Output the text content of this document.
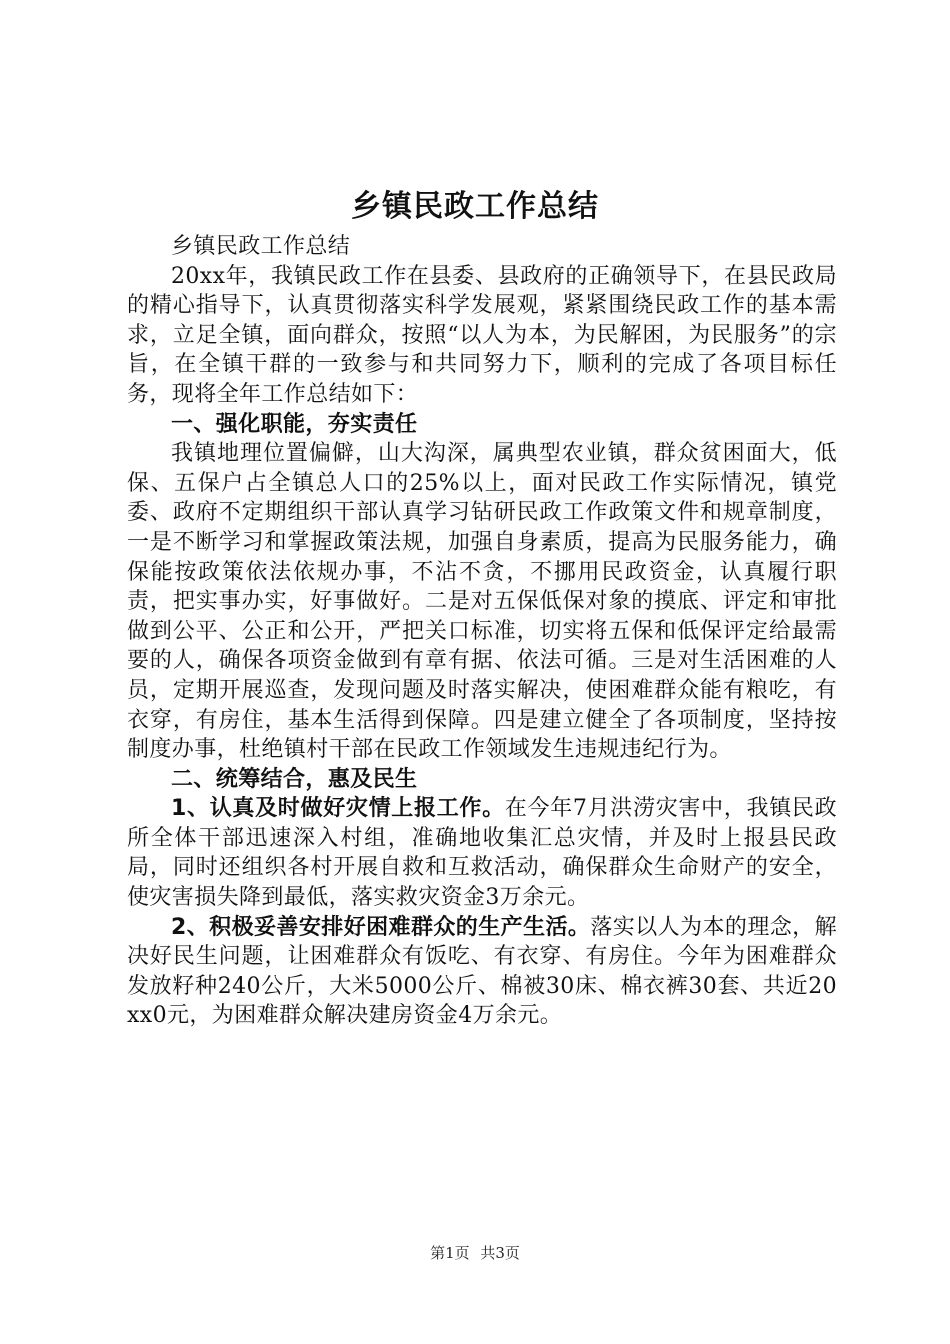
乡镇民政工作总结

乡镇民政工作总结

20xx年，我镇民政工作在县委、县政府的正确领导下，在县民政局的精心指导下，认真贯彻落实科学发展观，紧紧围绕民政工作的基本需求，立足全镇，面向群众，按照“以人为本，为民解困，为民服务”的宗旨，在全镇干群的一致参与和共同努力下，顺利的完成了各项目标任务，现将全年工作总结如下：

一、强化职能，夯实责任

我镇地理位置偏僻，山大沟深，属典型农业镇，群众贫困面大，低保、五保户占全镇总人口的25%以上，面对民政工作实际情况，镇党委、政府不定期组织干部认真学习钻研民政工作政策文件和规章制度，一是不断学习和掌握政策法规，加强自身素质，提高为民服务能力，确保能按政策依法依规办事，不沾不贪，不挪用民政资金，认真履行职责，把实事办实，好事做好。二是对五保低保对象的摸底、评定和审批做到公平、公正和公开，严把关口标准，切实将五保和低保评定给最需要的人，确保各项资金做到有章有据、依法可循。三是对生活困难的人员，定期开展巡查，发现问题及时落实解决，使困难群众能有粮吃，有衣穿，有房住，基本生活得到保障。四是建立健全了各项制度，坚持按制度办事，杜绝镇村干部在民政工作领域发生违规违纪行为。

二、统筹结合，惠及民生

1、认真及时做好灾情上报工作。在今年7月洪涝灾害中，我镇民政所全体干部迅速深入村组，准确地收集汇总灾情，并及时上报县民政局，同时还组织各村开展自救和互救活动，确保群众生命财产的安全，使灾害损失降到最低，落实救灾资金3万余元。

2、积极妥善安排好困难群众的生产生活。落实以人为本的理念，解决好民生问题，让困难群众有饭吃、有衣穿、有房住。今年为困难群众发放籽种240公斤，大米5000公斤、棉被30床、棉衣裤30套、共近20xx0元，为困难群众解决建房资金4万余元。

第1页 共3页
